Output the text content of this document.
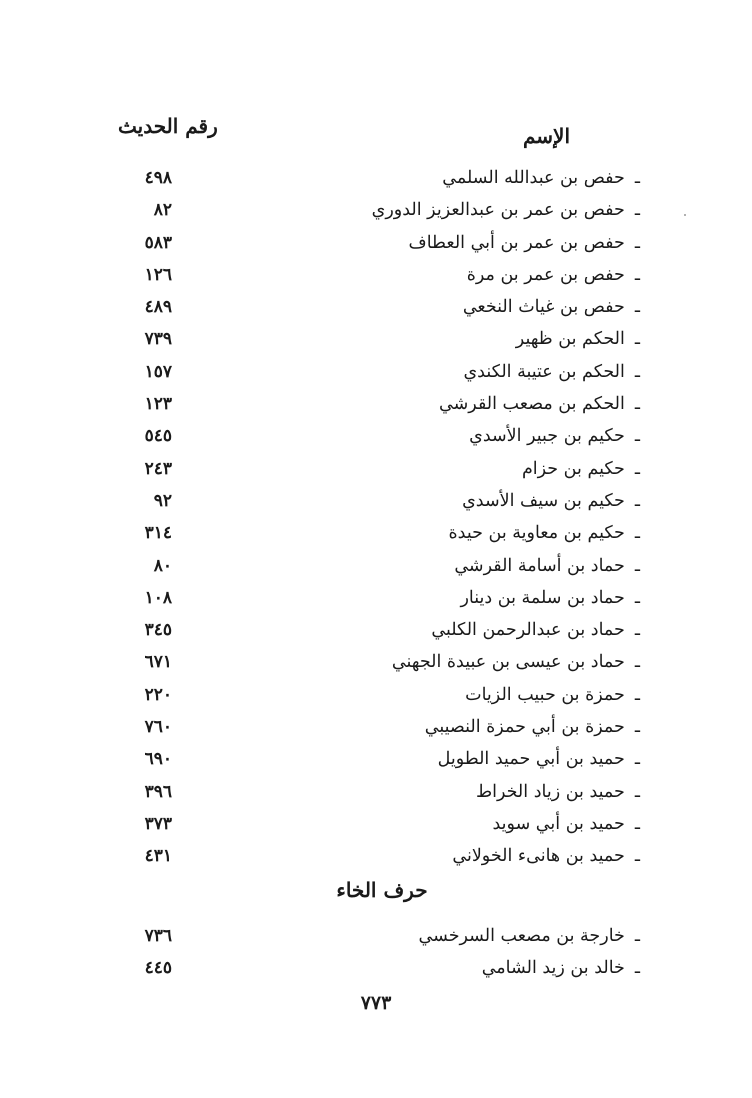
الإسم
رقم الحديث
ـحفص بن عبدالله السلمي
٤٩٨
ـحفص بن عمر بن عبدالعزيز الدوري
٨٢
ـحفص بن عمر بن أبي العطاف
٥٨٣
ـحفص بن عمر بن مرة
١٢٦
ـحفص بن غياث النخعي
٤٨٩
ـالحكم بن ظهير
٧٣٩
ـالحكم بن عتيبة الكندي
١٥٧
ـالحكم بن مصعب القرشي
١٢٣
ـحكيم بن جبير الأسدي
٥٤٥
ـحكيم بن حزام
٢٤٣
ـحكيم بن سيف الأسدي
٩٢
ـحكيم بن معاوية بن حيدة
٣١٤
ـحماد بن أسامة القرشي
٨٠
ـحماد بن سلمة بن دينار
١٠٨
ـحماد بن عبدالرحمن الكلبي
٣٤٥
ـحماد بن عيسى بن عبيدة الجهني
٦٧١
ـحمزة بن حبيب الزيات
٢٢٠
ـحمزة بن أبي حمزة النصيبي
٧٦٠
ـحميد بن أبي حميد الطويل
٦٩٠
ـحميد بن زياد الخراط
٣٩٦
ـحميد بن أبي سويد
٣٧٣
ـحميد بن هانىء الخولاني
٤٣١
حرف الخاء
ـخارجة بن مصعب السرخسي
٧٣٦
ـخالد بن زيد الشامي
٤٤٥
٧٧٣
